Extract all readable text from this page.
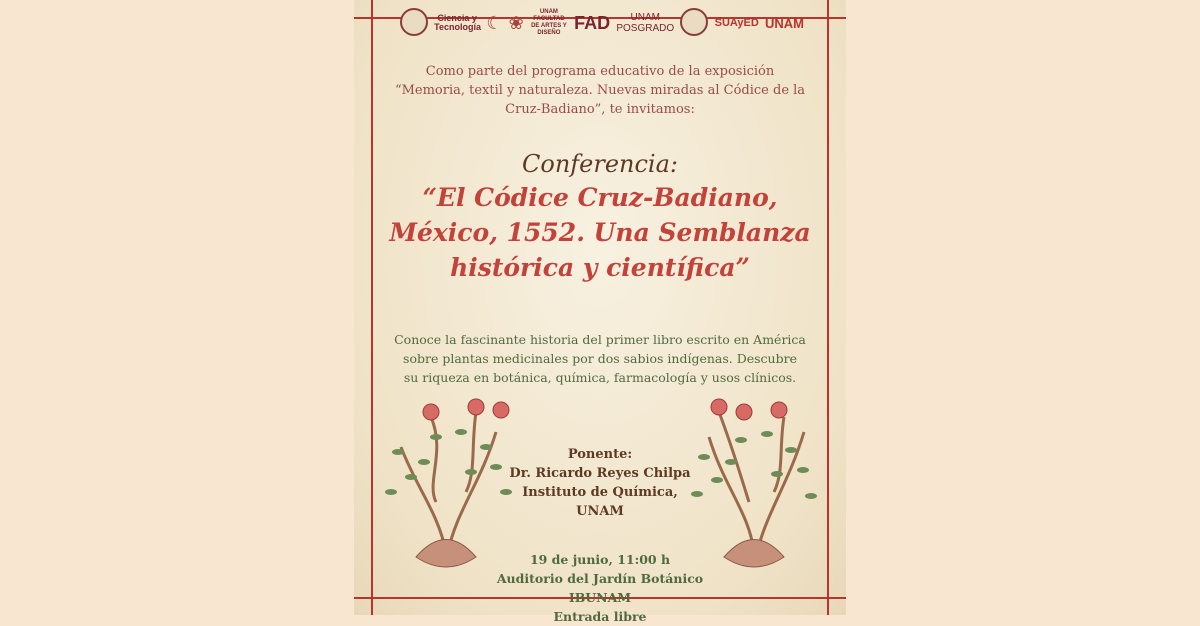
Ciencia y Tecnología ☾ ❀
UNAM FACULTAD DE ARTES Y DISEÑO FAD	UNAM POSGRADO	SUAyED UNAM
Como parte del programa educativo de la exposición “Memoria, textil y naturaleza. Nuevas miradas al Códice de la Cruz-Badiano”, te invitamos:
Conferencia:
“El Códice Cruz-Badiano, México, 1552. Una Semblanza histórica y científica”
Conoce la fascinante historia del primer libro escrito en América sobre plantas medicinales por dos sabios indígenas. Descubre su riqueza en botánica, química, farmacología y usos clínicos.
Ponente:
Dr. Ricardo Reyes Chilpa
Instituto de Química, UNAM
19 de junio, 11:00 h
Auditorio del Jardín Botánico IBUNAM
Entrada libre
